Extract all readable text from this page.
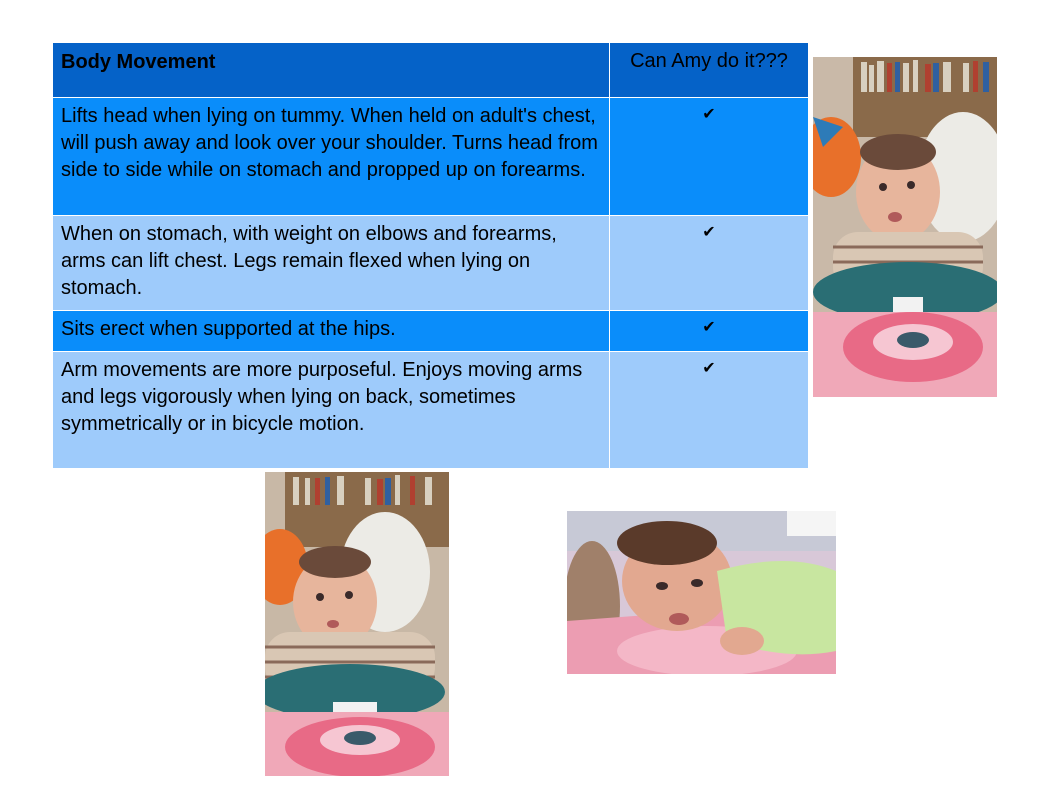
Body Movement	Can Amy do it???
Lifts head when lying on tummy. When held on adult's chest, will push away and look over your shoulder. Turns head from side to side while on stomach and propped up on forearms.	✔
When on stomach, with weight on elbows and forearms, arms can lift chest. Legs remain flexed when lying on stomach.	✔
Sits erect when supported at the hips.	✔
Arm movements are more purposeful. Enjoys moving arms and legs vigorously when lying on back, sometimes symmetrically or in bicycle motion.	✔
